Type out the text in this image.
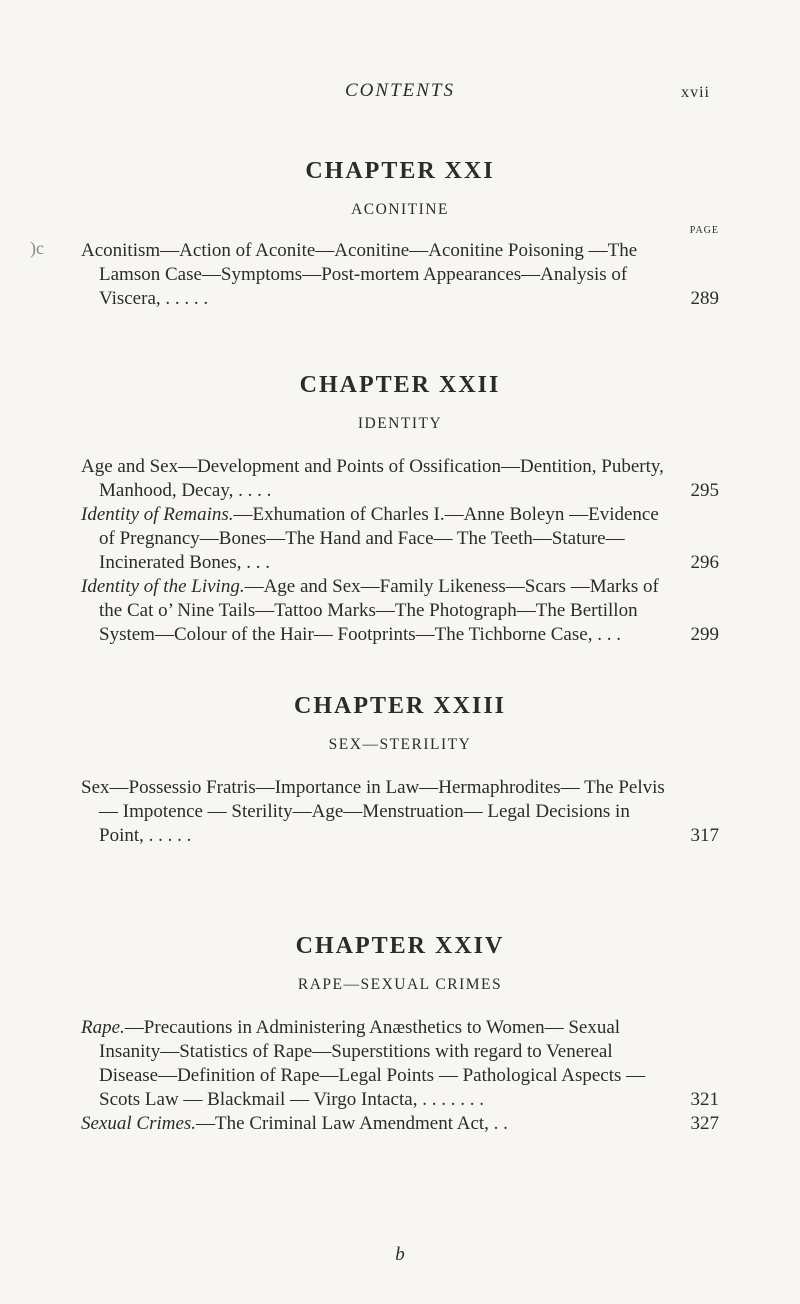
CONTENTS	xvii
)c
CHAPTER XXI
ACONITINE
PAGE
Aconitism—Action of Aconite—Aconitine—Aconitine Poisoning —The Lamson Case—Symptoms—Post-mortem Appearances—Analysis of Viscera, . . . . .	289
CHAPTER XXII
IDENTITY
Age and Sex—Development and Points of Ossification—Dentition, Puberty, Manhood, Decay, . . . .	295
Identity of Remains.—Exhumation of Charles I.—Anne Boleyn —Evidence of Pregnancy—Bones—The Hand and Face— The Teeth—Stature—Incinerated Bones, . . .	296
Identity of the Living.—Age and Sex—Family Likeness—Scars —Marks of the Cat o’ Nine Tails—Tattoo Marks—The Photograph—The Bertillon System—Colour of the Hair— Footprints—The Tichborne Case, . . .	299
CHAPTER XXIII
SEX—STERILITY
Sex—Possessio Fratris—Importance in Law—Hermaphrodites— The Pelvis — Impotence — Sterility—Age—Menstruation— Legal Decisions in Point, . . . . .	317
CHAPTER XXIV
RAPE—SEXUAL CRIMES
Rape.—Precautions in Administering Anæsthetics to Women— Sexual Insanity—Statistics of Rape—Superstitions with regard to Venereal Disease—Definition of Rape—Legal Points — Pathological Aspects — Scots Law — Blackmail — Virgo Intacta, . . . . . . .	321
Sexual Crimes.—The Criminal Law Amendment Act, . .	327
b
